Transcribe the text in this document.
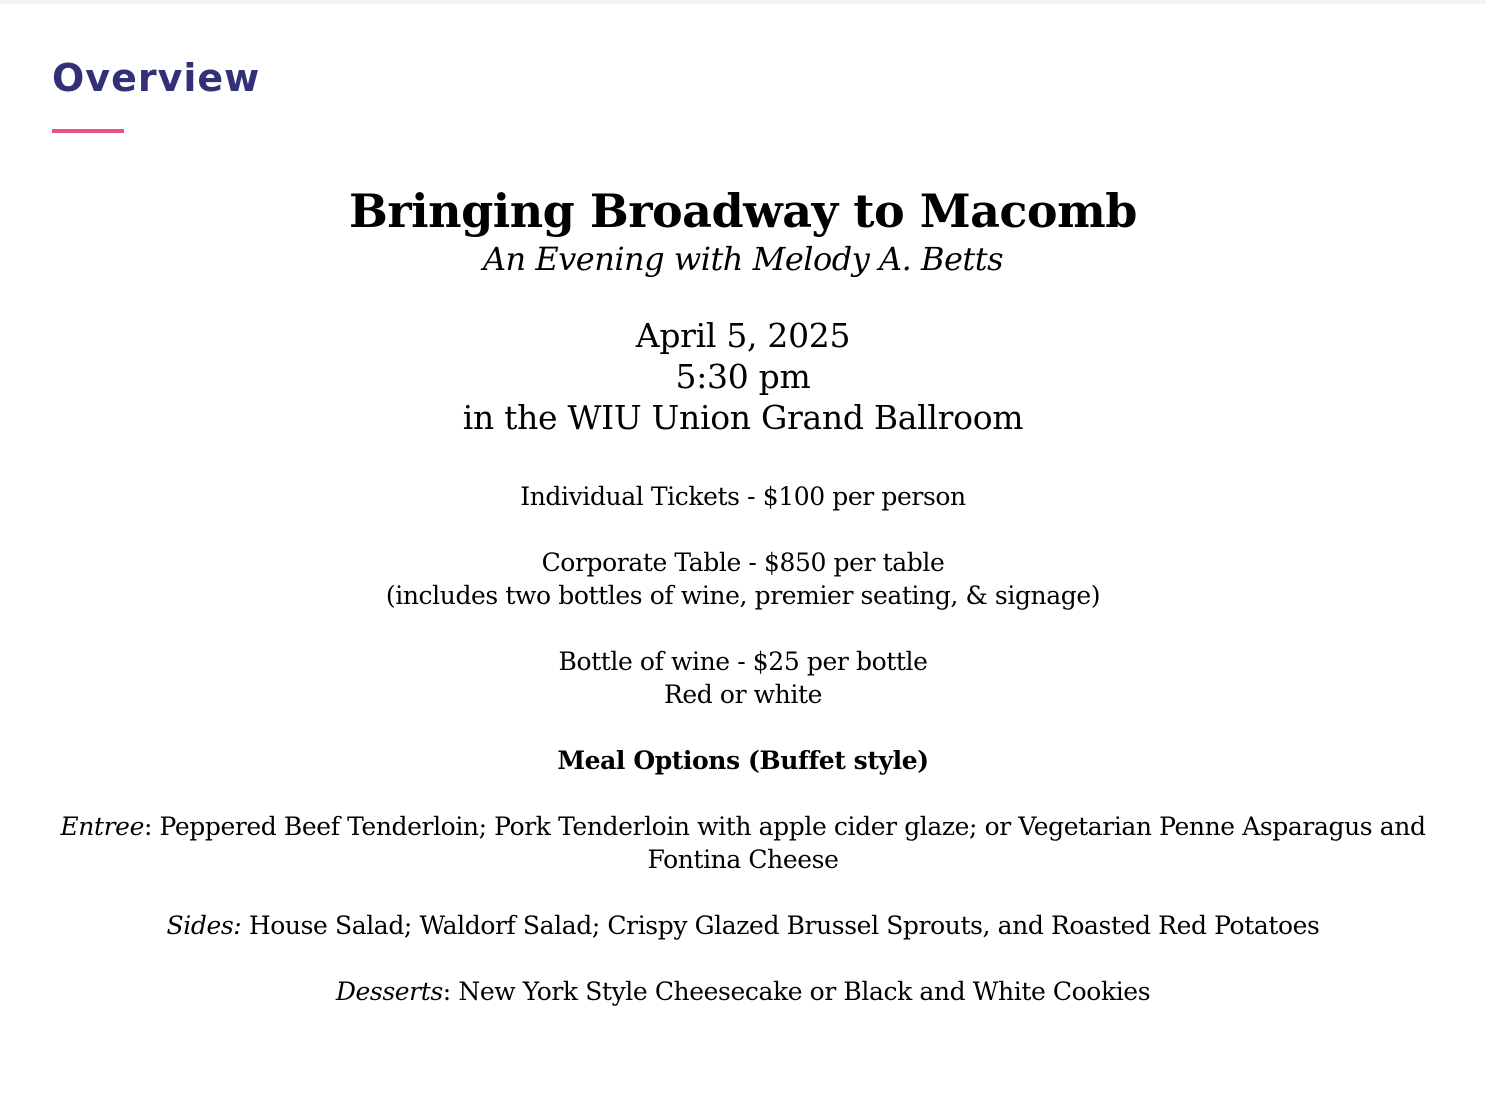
Overview
Bringing Broadway to Macomb
An Evening with Melody A. Betts
April 5, 2025
5:30 pm
in the WIU Union Grand Ballroom
Individual Tickets - $100 per person
Corporate Table - $850 per table
(includes two bottles of wine, premier seating, & signage)
Bottle of wine - $25 per bottle
Red or white
Meal Options (Buffet style)
Entree: Peppered Beef Tenderloin; Pork Tenderloin with apple cider glaze; or Vegetarian Penne Asparagus and
Fontina Cheese
Sides: House Salad; Waldorf Salad; Crispy Glazed Brussel Sprouts, and Roasted Red Potatoes
Desserts: New York Style Cheesecake or Black and White Cookies
